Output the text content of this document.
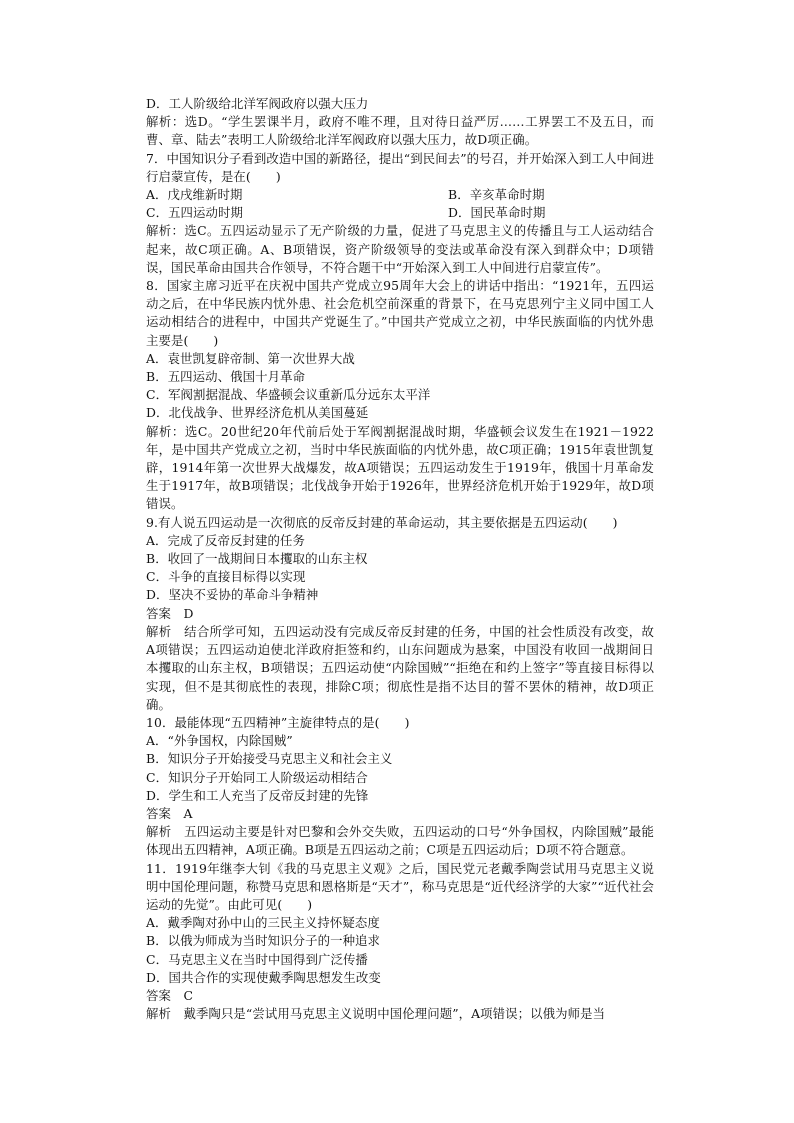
D．工人阶级给北洋军阀政府以强大压力

解析：选D。“学生罢课半月，政府不唯不理，且对待日益严厉……工界罢工不及五日，而曹、章、陆去”表明工人阶级给北洋军阀政府以强大压力，故D项正确。

7．中国知识分子看到改造中国的新路径，提出“到民间去”的号召，并开始深入到工人中间进行启蒙宣传，是在(　　)

A．戊戌维新时期	B．辛亥革命时期
C．五四运动时期	D．国民革命时期

解析：选C。五四运动显示了无产阶级的力量，促进了马克思主义的传播且与工人运动结合起来，故C项正确。A、B项错误，资产阶级领导的变法或革命没有深入到群众中；D项错误，国民革命由国共合作领导，不符合题干中“开始深入到工人中间进行启蒙宣传”。

8．国家主席习近平在庆祝中国共产党成立95周年大会上的讲话中指出：“1921年，五四运动之后，在中华民族内忧外患、社会危机空前深重的背景下，在马克思列宁主义同中国工人运动相结合的进程中，中国共产党诞生了。”中国共产党成立之初，中华民族面临的内忧外患主要是(　　)

A．袁世凯复辟帝制、第一次世界大战

B．五四运动、俄国十月革命

C．军阀割据混战、华盛顿会议重新瓜分远东太平洋

D．北伐战争、世界经济危机从美国蔓延

解析：选C。20世纪20年代前后处于军阀割据混战时期，华盛顿会议发生在1921－1922年，是中国共产党成立之初，当时中华民族面临的内忧外患，故C项正确；1915年袁世凯复辟，1914年第一次世界大战爆发，故A项错误；五四运动发生于1919年，俄国十月革命发生于1917年，故B项错误；北伐战争开始于1926年，世界经济危机开始于1929年，故D项错误。

9.有人说五四运动是一次彻底的反帝反封建的革命运动，其主要依据是五四运动(　　)

A．完成了反帝反封建的任务

B．收回了一战期间日本攫取的山东主权

C．斗争的直接目标得以实现

D．坚决不妥协的革命斗争精神

答案　D

解析　结合所学可知，五四运动没有完成反帝反封建的任务，中国的社会性质没有改变，故A项错误；五四运动迫使北洋政府拒签和约，山东问题成为悬案，中国没有收回一战期间日本攫取的山东主权，B项错误；五四运动使“内除国贼”“拒绝在和约上签字”等直接目标得以实现，但不是其彻底性的表现，排除C项；彻底性是指不达目的誓不罢休的精神，故D项正确。

10．最能体现“五四精神”主旋律特点的是(　　)

A．“外争国权，内除国贼”

B．知识分子开始接受马克思主义和社会主义

C．知识分子开始同工人阶级运动相结合

D．学生和工人充当了反帝反封建的先锋

答案　A

解析　五四运动主要是针对巴黎和会外交失败，五四运动的口号“外争国权，内除国贼”最能体现出五四精神，A项正确。B项是五四运动之前；C项是五四运动后；D项不符合题意。

11．1919年继李大钊《我的马克思主义观》之后，国民党元老戴季陶尝试用马克思主义说明中国伦理问题，称赞马克思和恩格斯是“天才”，称马克思是“近代经济学的大家”“近代社会运动的先觉”。由此可见(　　)

A．戴季陶对孙中山的三民主义持怀疑态度

B．以俄为师成为当时知识分子的一种追求

C．马克思主义在当时中国得到广泛传播

D．国共合作的实现使戴季陶思想发生改变

答案　C

解析　戴季陶只是“尝试用马克思主义说明中国伦理问题”，A项错误；以俄为师是当
